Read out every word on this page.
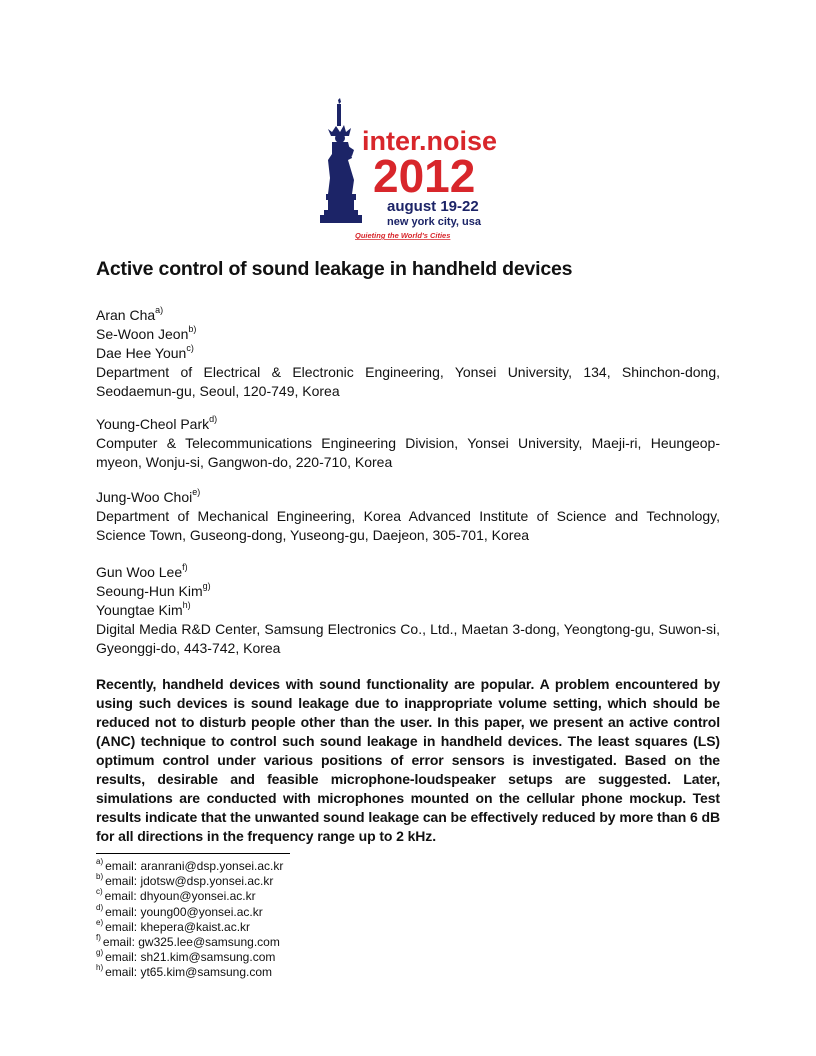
inter.noise
2012
august 19-22
new york city, usa
Quieting the World's Cities
Active control of sound leakage in handheld devices
Aran Cha$^{a)}$
Se-Woon Jeon$^{b)}$
Dae Hee Youn$^{c)}$
Department of Electrical & Electronic Engineering, Yonsei University, 134, Shinchon-dong, Seodaemun-gu, Seoul, 120-749, Korea
Young-Cheol Park$^{d)}$
Computer & Telecommunications Engineering Division, Yonsei University, Maeji-ri, Heungeop-myeon, Wonju-si, Gangwon-do, 220-710, Korea
Jung-Woo Choi$^{e)}$
Department of Mechanical Engineering, Korea Advanced Institute of Science and Technology, Science Town, Guseong-dong, Yuseong-gu, Daejeon, 305-701, Korea
Gun Woo Lee$^{f)}$
Seoung-Hun Kim$^{g)}$
Youngtae Kim$^{h)}$
Digital Media R&D Center, Samsung Electronics Co., Ltd., Maetan 3-dong, Yeongtong-gu, Suwon-si, Gyeonggi-do, 443-742, Korea
Recently, handheld devices with sound functionality are popular. A problem encountered by using such devices is sound leakage due to inappropriate volume setting, which should be reduced not to disturb people other than the user. In this paper, we present an active control (ANC) technique to control such sound leakage in handheld devices. The least squares (LS) optimum control under various positions of error sensors is investigated. Based on the results, desirable and feasible microphone-loudspeaker setups are suggested. Later, simulations are conducted with microphones mounted on the cellular phone mockup. Test results indicate that the unwanted sound leakage can be effectively reduced by more than 6 dB for all directions in the frequency range up to 2 kHz.
$^{a)}$ email: aranrani@dsp.yonsei.ac.kr
$^{b)}$ email: jdotsw@dsp.yonsei.ac.kr
$^{c)}$ email: dhyoun@yonsei.ac.kr
$^{d)}$ email: young00@yonsei.ac.kr
$^{e)}$ email: khepera@kaist.ac.kr
$^{f)}$ email: gw325.lee@samsung.com
$^{g)}$ email: sh21.kim@samsung.com
$^{h)}$ email: yt65.kim@samsung.com
